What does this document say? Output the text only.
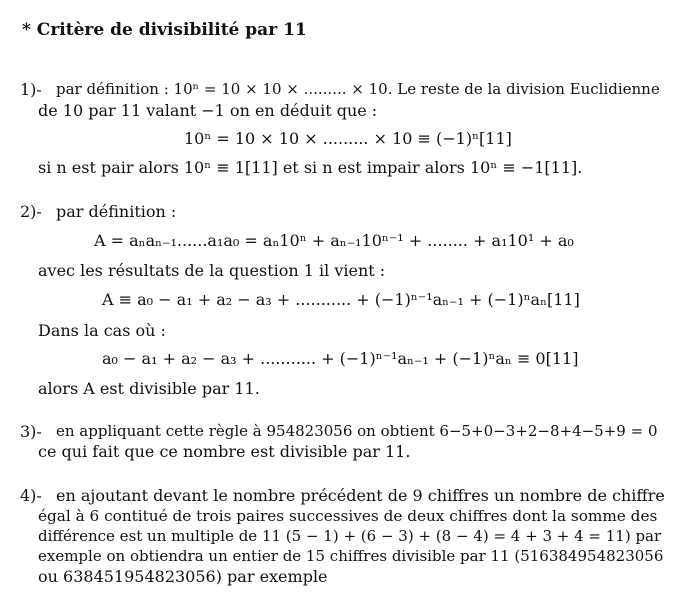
* Critère de divisibilité par 11
1)- par définition : 10ⁿ = 10 × 10 × ......... × 10. Le reste de la division Euclidienne
de 10 par 11 valant −1 on en déduit que :
10ⁿ = 10 × 10 × ......... × 10 ≡ (−1)ⁿ[11]
si n est pair alors 10ⁿ ≡ 1[11] et si n est impair alors 10ⁿ ≡ −1[11].
2)- par définition :
A = aₙaₙ₋₁......a₁a₀ = aₙ10ⁿ + aₙ₋₁10ⁿ⁻¹ + ........ + a₁10¹ + a₀
avec les résultats de la question 1 il vient :
A ≡ a₀ − a₁ + a₂ − a₃ + ........... + (−1)ⁿ⁻¹aₙ₋₁ + (−1)ⁿaₙ[11]
Dans la cas où :
a₀ − a₁ + a₂ − a₃ + ........... + (−1)ⁿ⁻¹aₙ₋₁ + (−1)ⁿaₙ ≡ 0[11]
alors A est divisible par 11.
3)- en appliquant cette règle à 954823056 on obtient 6−5+0−3+2−8+4−5+9 = 0
ce qui fait que ce nombre est divisible par 11.
4)- en ajoutant devant le nombre précédent de 9 chiffres un nombre de chiffre
égal à 6 contitué de trois paires successives de deux chiffres dont la somme des
différence est un multiple de 11 (5 − 1) + (6 − 3) + (8 − 4) = 4 + 3 + 4 = 11) par
exemple on obtiendra un entier de 15 chiffres divisible par 11 (516384954823056
ou 638451954823056) par exemple
